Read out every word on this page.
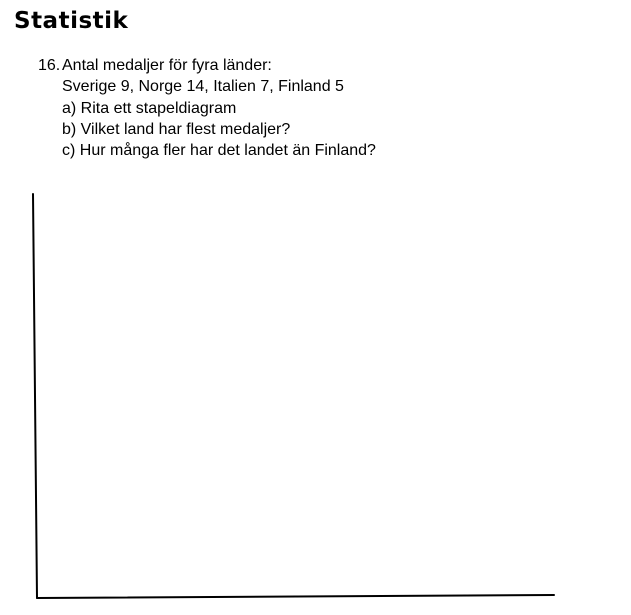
Statistik
16. Antal medaljer för fyra länder:
Sverige 9, Norge 14, Italien 7, Finland 5
a) Rita ett stapeldiagram
b) Vilket land har flest medaljer?
c) Hur många fler har det landet än Finland?
